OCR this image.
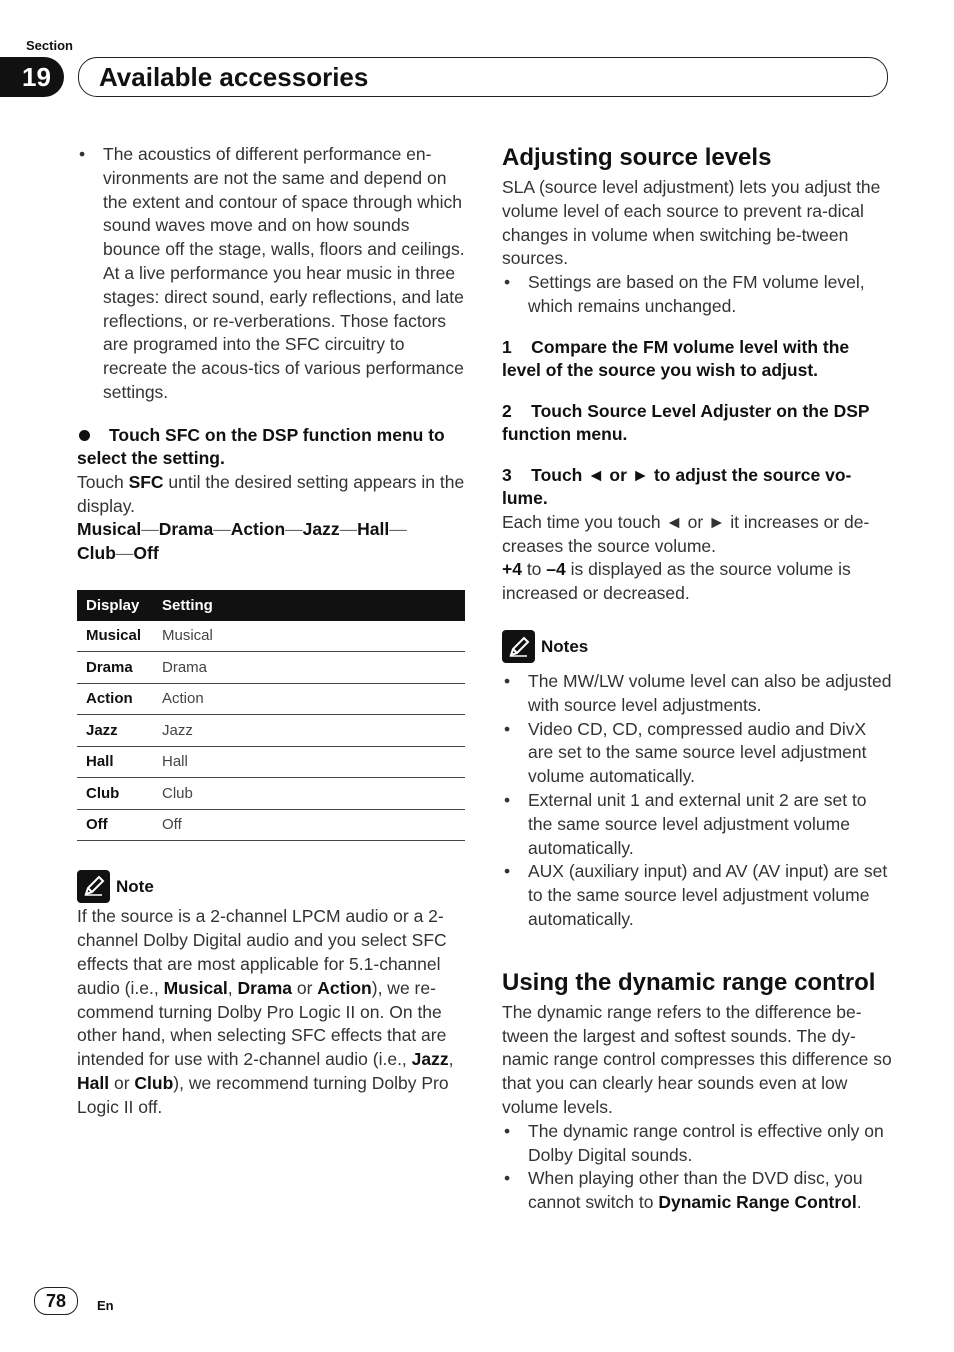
Section
19	Available accessories
• The acoustics of different performance en-vironments are not the same and depend on the extent and contour of space through which sound waves move and on how sounds bounce off the stage, walls, floors and ceilings. At a live performance you hear music in three stages: direct sound, early reflections, and late reflections, or re-verberations. Those factors are programed into the SFC circuitry to recreate the acous-tics of various performance settings.
Touch SFC on the DSP function menu to select the setting.
Touch SFC until the desired setting appears in the display.
Musical—Drama—Action—Jazz—Hall—
Club—Off
Display	Setting
Musical	Musical
Drama	Drama
Action	Action
Jazz	Jazz
Hall	Hall
Club	Club
Off	Off
Note
If the source is a 2-channel LPCM audio or a 2-channel Dolby Digital audio and you select SFC effects that are most applicable for 5.1-channel audio (i.e., Musical, Drama or Action), we re-commend turning Dolby Pro Logic II on. On the other hand, when selecting SFC effects that are intended for use with 2-channel audio (i.e., Jazz, Hall or Club), we recommend turning Dolby Pro Logic II off.
Adjusting source levels
SLA (source level adjustment) lets you adjust the volume level of each source to prevent ra-dical changes in volume when switching be-tween sources.
• Settings are based on the FM volume level, which remains unchanged.
1    Compare the FM volume level with the level of the source you wish to adjust.
2    Touch Source Level Adjuster on the DSP function menu.
3    Touch ◄ or ► to adjust the source vo-lume.
Each time you touch ◄ or ► it increases or de-creases the source volume.
+4 to –4 is displayed as the source volume is increased or decreased.
Notes
• The MW/LW volume level can also be adjusted with source level adjustments.
• Video CD, CD, compressed audio and DivX are set to the same source level adjustment volume automatically.
• External unit 1 and external unit 2 are set to the same source level adjustment volume automatically.
• AUX (auxiliary input) and AV (AV input) are set to the same source level adjustment volume automatically.
Using the dynamic range control
The dynamic range refers to the difference be-tween the largest and softest sounds. The dy-namic range control compresses this difference so that you can clearly hear sounds even at low volume levels.
• The dynamic range control is effective only on Dolby Digital sounds.
• When playing other than the DVD disc, you cannot switch to Dynamic Range Control.
78	En
